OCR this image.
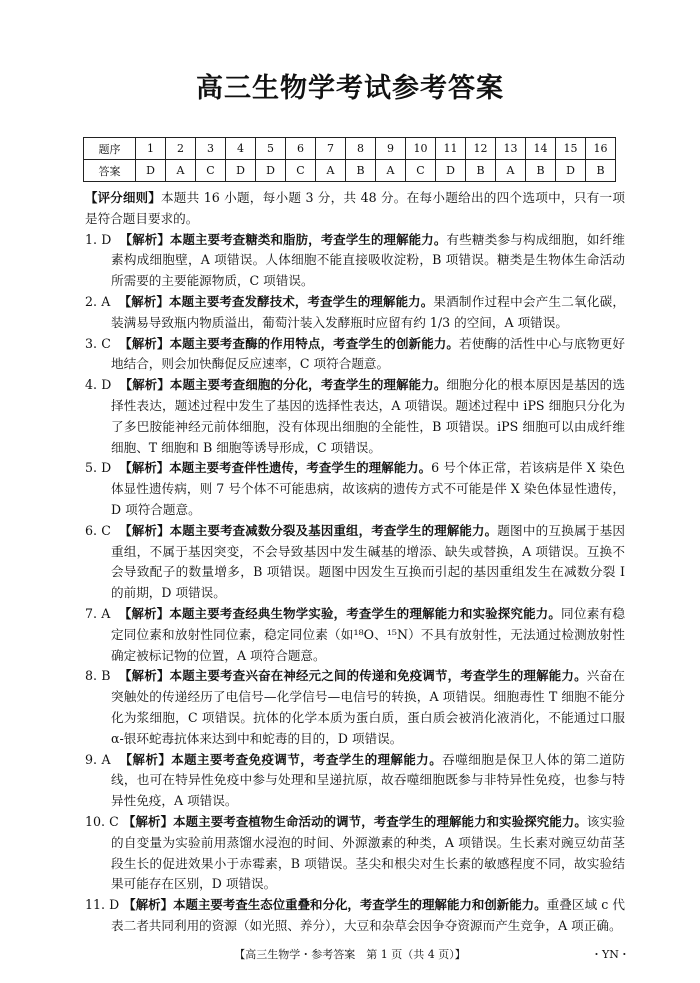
高三生物学考试参考答案
题序	1	2	3	4	5	6	7	8	9	10	11	12	13	14	15	16
答案	D	A	C	D	D	C	A	B	A	C	D	B	A	B	D	B

【评分细则】本题共 16 小题，每小题 3 分，共 48 分。在每小题给出的四个选项中，只有一项是符合题目要求的。

1. D 【解析】本题主要考查糖类和脂肪，考查学生的理解能力。有些糖类参与构成细胞，如纤维素构成细胞壁，A 项错误。人体细胞不能直接吸收淀粉，B 项错误。糖类是生物体生命活动所需要的主要能源物质，C 项错误。

2. A 【解析】本题主要考查发酵技术，考查学生的理解能力。果酒制作过程中会产生二氧化碳，装满易导致瓶内物质溢出，葡萄汁装入发酵瓶时应留有约 1/3 的空间，A 项错误。

3. C 【解析】本题主要考查酶的作用特点，考查学生的创新能力。若使酶的活性中心与底物更好地结合，则会加快酶促反应速率，C 项符合题意。

4. D 【解析】本题主要考查细胞的分化，考查学生的理解能力。细胞分化的根本原因是基因的选择性表达，题述过程中发生了基因的选择性表达，A 项错误。题述过程中 iPS 细胞只分化为了多巴胺能神经元前体细胞，没有体现出细胞的全能性，B 项错误。iPS 细胞可以由成纤维细胞、T 细胞和 B 细胞等诱导形成，C 项错误。

5. D 【解析】本题主要考查伴性遗传，考查学生的理解能力。6 号个体正常，若该病是伴 X 染色体显性遗传病，则 7 号个体不可能患病，故该病的遗传方式不可能是伴 X 染色体显性遗传，D 项符合题意。

6. C 【解析】本题主要考查减数分裂及基因重组，考查学生的理解能力。题图中的互换属于基因重组，不属于基因突变，不会导致基因中发生碱基的增添、缺失或替换，A 项错误。互换不会导致配子的数量增多，B 项错误。题图中因发生互换而引起的基因重组发生在减数分裂 Ⅰ 的前期，D 项错误。

7. A 【解析】本题主要考查经典生物学实验，考查学生的理解能力和实验探究能力。同位素有稳定同位素和放射性同位素，稳定同位素（如¹⁸O、¹⁵N）不具有放射性，无法通过检测放射性确定被标记物的位置，A 项符合题意。

8. B 【解析】本题主要考查兴奋在神经元之间的传递和免疫调节，考查学生的理解能力。兴奋在突触处的传递经历了电信号—化学信号—电信号的转换，A 项错误。细胞毒性 T 细胞不能分化为浆细胞，C 项错误。抗体的化学本质为蛋白质，蛋白质会被消化液消化，不能通过口服 α-银环蛇毒抗体来达到中和蛇毒的目的，D 项错误。

9. A 【解析】本题主要考查免疫调节，考查学生的理解能力。吞噬细胞是保卫人体的第二道防线，也可在特异性免疫中参与处理和呈递抗原，故吞噬细胞既参与非特异性免疫，也参与特异性免疫，A 项错误。

10. C 【解析】本题主要考查植物生命活动的调节，考查学生的理解能力和实验探究能力。该实验的自变量为实验前用蒸馏水浸泡的时间、外源激素的种类，A 项错误。生长素对豌豆幼苗茎段生长的促进效果小于赤霉素，B 项错误。茎尖和根尖对生长素的敏感程度不同，故实验结果可能存在区别，D 项错误。

11. D 【解析】本题主要考查生态位重叠和分化，考查学生的理解能力和创新能力。重叠区域 c 代表二者共同利用的资源（如光照、养分），大豆和杂草会因争夺资源而产生竞争，A 项正确。

【高三生物学・参考答案　第 1 页（共 4 页）】	・YN・
